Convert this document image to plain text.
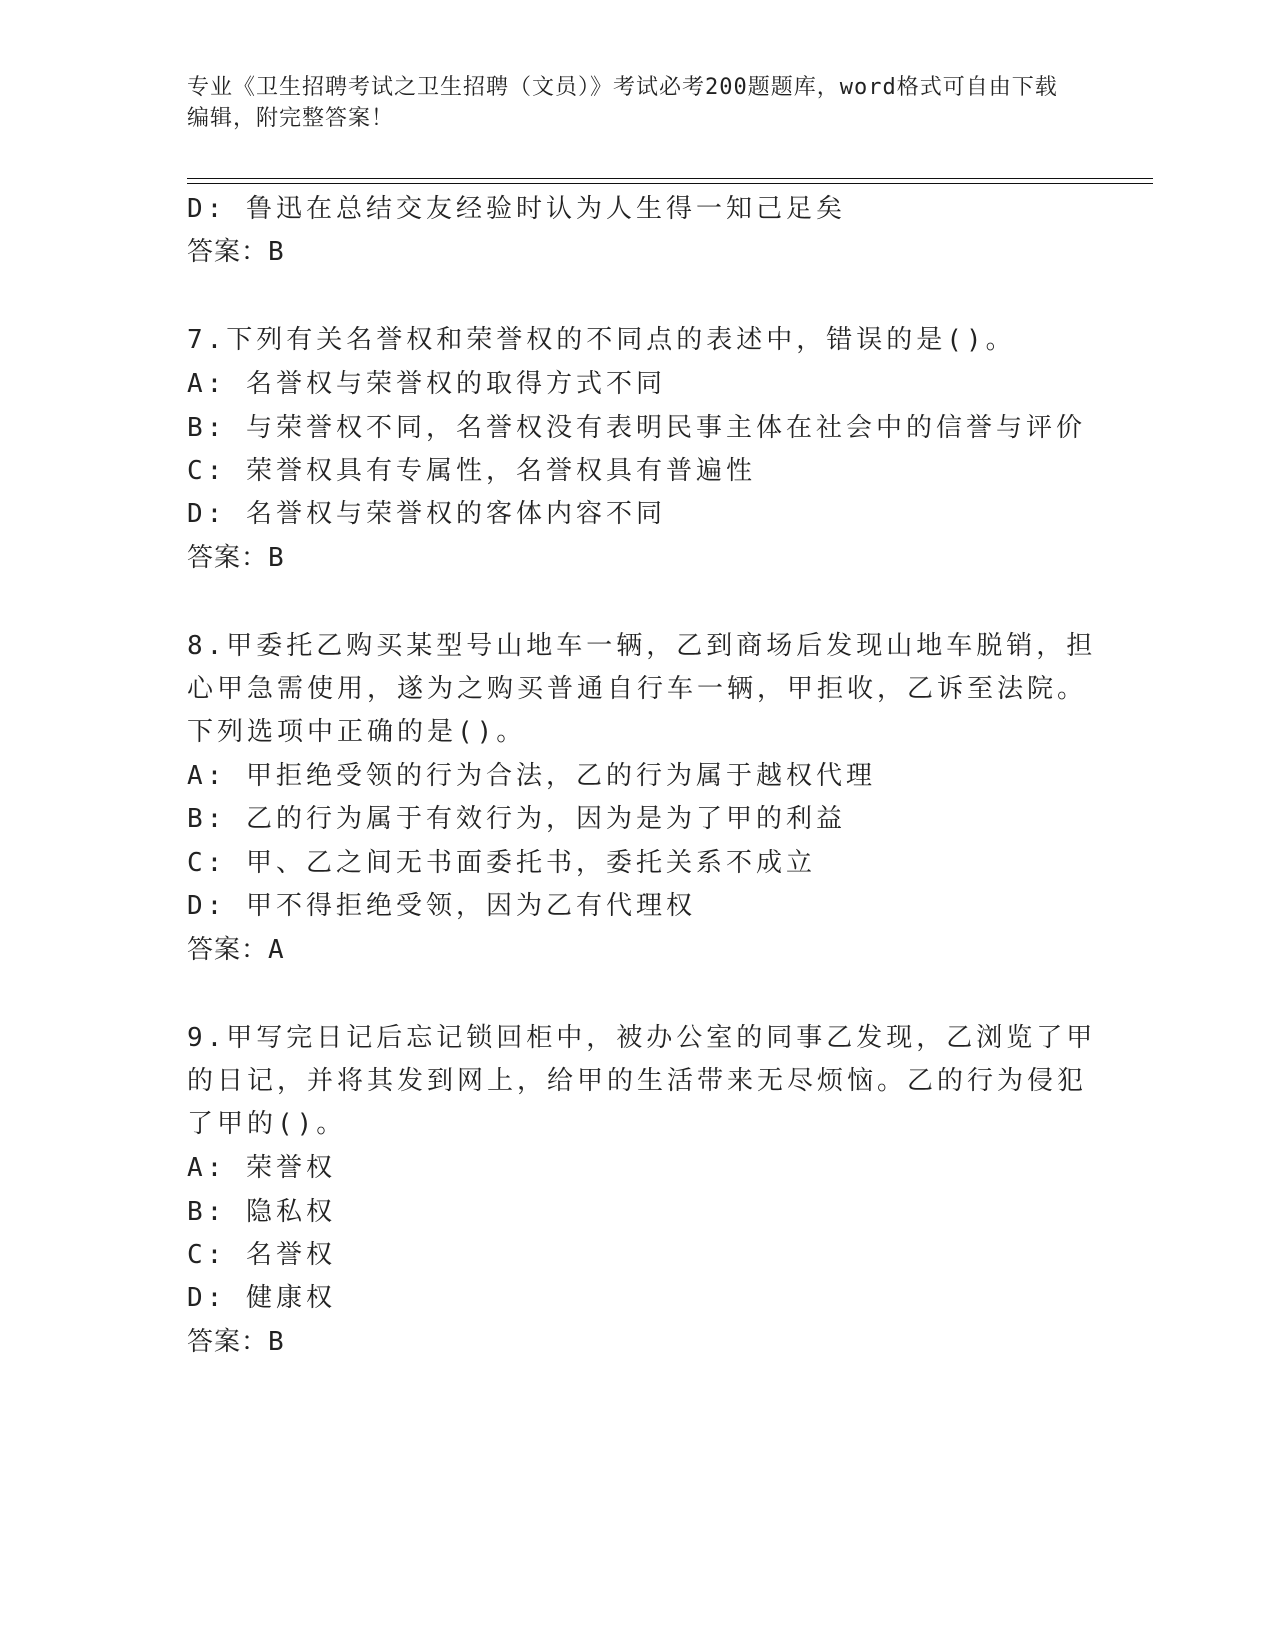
专业《卫生招聘考试之卫生招聘（文员）》考试必考200题题库，word格式可自由下载编辑，附完整答案！
D: 鲁迅在总结交友经验时认为人生得一知己足矣
答案：B
7.下列有关名誉权和荣誉权的不同点的表述中，错误的是()。
A: 名誉权与荣誉权的取得方式不同
B: 与荣誉权不同，名誉权没有表明民事主体在社会中的信誉与评价
C: 荣誉权具有专属性，名誉权具有普遍性
D: 名誉权与荣誉权的客体内容不同
答案：B
8.甲委托乙购买某型号山地车一辆，乙到商场后发现山地车脱销，担
心甲急需使用，遂为之购买普通自行车一辆，甲拒收，乙诉至法院。
下列选项中正确的是()。
A: 甲拒绝受领的行为合法，乙的行为属于越权代理
B: 乙的行为属于有效行为，因为是为了甲的利益
C: 甲、乙之间无书面委托书，委托关系不成立
D: 甲不得拒绝受领，因为乙有代理权
答案：A
9.甲写完日记后忘记锁回柜中，被办公室的同事乙发现，乙浏览了甲
的日记，并将其发到网上，给甲的生活带来无尽烦恼。乙的行为侵犯
了甲的()。
A: 荣誉权
B: 隐私权
C: 名誉权
D: 健康权
答案：B
